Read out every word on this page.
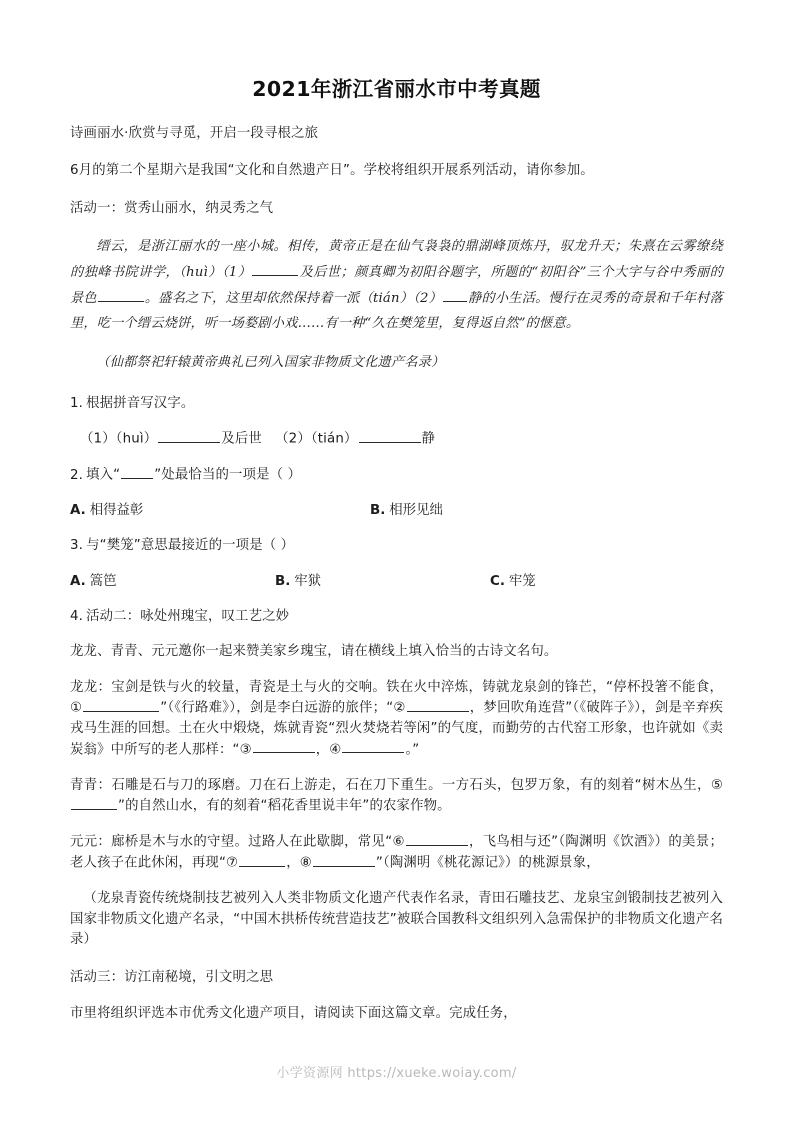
2021年浙江省丽水市中考真题

诗画丽水·欣赏与寻觅，开启一段寻根之旅

6月的第二个星期六是我国“文化和自然遗产日”。学校将组织开展系列活动，请你参加。

活动一：赏秀山丽水，纳灵秀之气

缙云，是浙江丽水的一座小城。相传，黄帝正是在仙气袅袅的鼎湖峰顶炼丹，驭龙升天；朱熹在云雾缭绕的独峰书院讲学，（huì）（1）	及后世；颜真卿为初阳谷题字，所题的“初阳谷”三个大字与谷中秀丽的景色	。盛名之下，这里却依然保持着一派（tián）（2） 静的小生活。慢行在灵秀的奇景和千年村落里，吃一个缙云烧饼，听一场婺剧小戏……有一种“久在樊笼里，复得返自然”的惬意。

（仙都祭祀轩辕黄帝典礼已列入国家非物质文化遗产名录）

1. 根据拼音写汉字。

（1）（huì）	及后世 （2）（tián）	静

2. 填入“	”处最恰当的一项是（ ）

A. 相得益彰	B. 相形见绌

3. 与“樊笼”意思最接近的一项是（ ）

A. 篙笆	B. 牢狱	C. 牢笼

4. 活动二：咏处州瑰宝，叹工艺之妙

龙龙、青青、元元邀你一起来赞美家乡瑰宝，请在横线上填入恰当的古诗文名句。

龙龙：宝剑是铁与火的较量，青瓷是土与火的交响。铁在火中淬炼，铸就龙泉剑的锋芒，“停杯投箸不能食，①	”（《行路难》），剑是李白远游的旅伴；“②	，梦回吹角连营”（《破阵子》），剑是辛弃疾戎马生涯的回想。土在火中煅烧，炼就青瓷“烈火焚烧若等闲”的气度，而勤劳的古代窑工形象，也许就如《卖炭翁》中所写的老人那样：“③	，④	。”

青青：石雕是石与刀的琢磨。刀在石上游走，石在刀下重生。一方石头，包罗万象，有的刻着“树木丛生，⑤”的自然山水，有的刻着“稻花香里说丰年”的农家作物。

元元：廊桥是木与水的守望。过路人在此歇脚，常见“⑥	，飞鸟相与还”（陶渊明《饮酒》）的美景；老人孩子在此休闲，再现“⑦	，⑧	”（陶渊明《桃花源记》）的桃源景象，

（龙泉青瓷传统烧制技艺被列入人类非物质文化遗产代表作名录，青田石雕技艺、龙泉宝剑锻制技艺被列入国家非物质文化遗产名录，“中国木拱桥传统营造技艺”被联合国教科文组织列入急需保护的非物质文化遗产名录）

活动三：访江南秘境，引文明之思

市里将组织评选本市优秀文化遗产项目，请阅读下面这篇文章。完成任务，

小学资源网 https://xueke.woiay.com/
